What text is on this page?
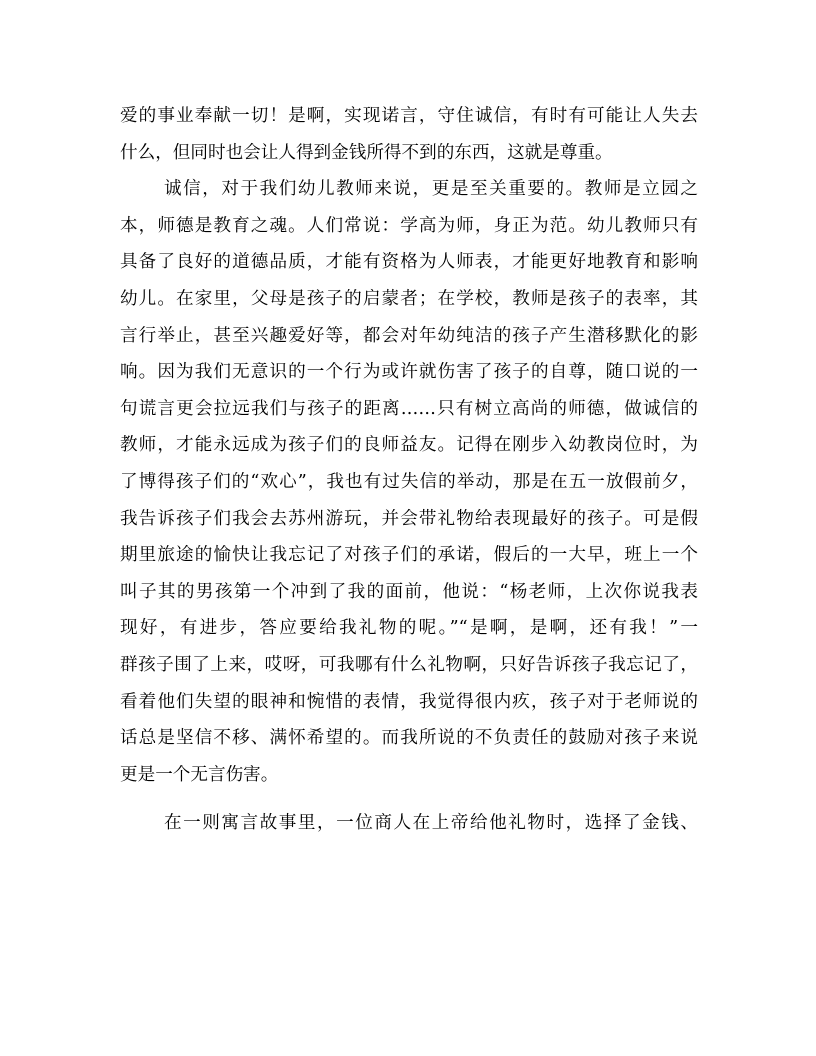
爱的事业奉献一切！是啊，实现诺言，守住诚信，有时有可能让人失去
什么，但同时也会让人得到金钱所得不到的东西，这就是尊重。
诚信，对于我们幼儿教师来说，更是至关重要的。教师是立园之
本，师德是教育之魂。人们常说：学高为师，身正为范。幼儿教师只有
具备了良好的道德品质，才能有资格为人师表，才能更好地教育和影响
幼儿。在家里，父母是孩子的启蒙者；在学校，教师是孩子的表率，其
言行举止，甚至兴趣爱好等，都会对年幼纯洁的孩子产生潜移默化的影
响。因为我们无意识的一个行为或许就伤害了孩子的自尊，随口说的一
句谎言更会拉远我们与孩子的距离……只有树立高尚的师德，做诚信的
教师，才能永远成为孩子们的良师益友。记得在刚步入幼教岗位时，为
了博得孩子们的“欢心”，我也有过失信的举动，那是在五一放假前夕，
我告诉孩子们我会去苏州游玩，并会带礼物给表现最好的孩子。可是假
期里旅途的愉快让我忘记了对孩子们的承诺，假后的一大早，班上一个
叫子其的男孩第一个冲到了我的面前，他说：“杨老师，上次你说我表
现好，有进步，答应要给我礼物的呢。”“是啊，是啊，还有我！”一
群孩子围了上来，哎呀，可我哪有什么礼物啊，只好告诉孩子我忘记了，
看着他们失望的眼神和惋惜的表情，我觉得很内疚，孩子对于老师说的
话总是坚信不移、满怀希望的。而我所说的不负责任的鼓励对孩子来说
更是一个无言伤害。
在一则寓言故事里，一位商人在上帝给他礼物时，选择了金钱、
